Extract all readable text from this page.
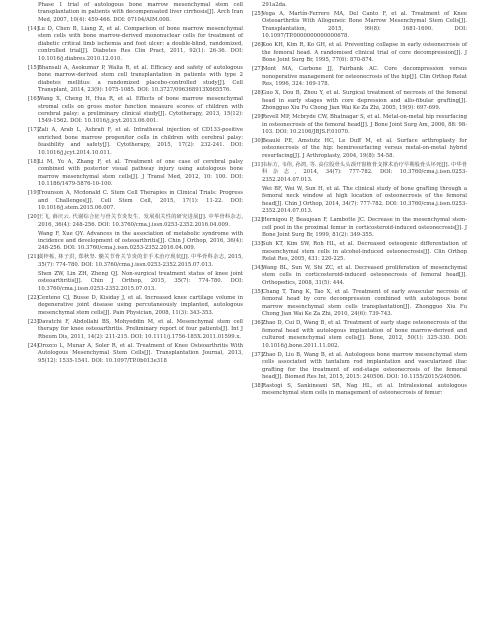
Phase 1 trial of autologous bone marrow mesenchymal stem cell transplantation in patients with decompensated liver cirrhosis[J]. Arch Iran Med, 2007, 10(4): 459-466. DOI: 07104/AIM.008.
[14] Lu D, Chen B, Liang Z, et al. Comparison of bone marrow mesenchymal stem cells with bone marrow-derived mononuclear cells for treatment of diabetic critical limb ischemia and foot ulcer: a double-blind, randomized, controlled trial[J]. Diabetes Res Clin Pract, 2011, 92(1): 26-36. DOI: 10.1016/j.diabres.2010.12.010.
[15] Bhansali A, Asokumar P, Walia R, et al. Efficacy and safety of autologous bone marrow-derived stem cell transplantation in patients with type 2 diabetes mellitus: a randomized placebo-controlled study[J]. Cell Transplant, 2014, 23(9): 1075-1085. DOI: 10.3727/096368913X665576.
[16] Wang X, Cheng H, Hua R, et al. Effects of bone marrow mesenchymal stromal cells on gross motor function measure scores of children with cerebral palsy: a preliminary clinical study[J]. Cytotherapy, 2013, 15(12): 1549-1562. DOI: 10.1016/j.jcyt.2013.06.001.
[17] Zali A, Arab L, Ashrafi F, et al. Intrathecal injection of CD133-positive enriched bone marrow progenitor cells in children with cerebral palsy: feasibility and safety[J]. Cytotherapy, 2015, 17(2): 232-241. DOI: 10.1016/j.jcyt.2014.10.011.
[18] Li M, Yu A, Zhang F, et al. Treatment of one case of cerebral palsy combined with posterior visual pathway injury using autologous bone marrow mesenchymal stem cells[J]. J Transl Med, 2012, 10: 100. DOI: 10.1186/1479-5876-10-100.
[19] Trounson A, Mcdonald C. Stem Cell Therapies in Clinical Trials: Progress and Challenges[J]. Cell Stem Cell, 2015, 17(1): 11-22. DOI: 10.1016/j.stem.2015.06.007.
[20] 王飞, 薛庆云. 代谢综合征与骨关节炎发生、发展相关性的研究进展[J]. 中华骨科杂志, 2016, 36(4): 248-256. DOI: 10.3760/cma.j.issn.0253-2352.2016.04.009.
Wang F, Xue QY. Advances in the association of metabolic syndrome with incidence and development of osteoarthritis[J]. Chin J Orthop, 2016, 36(4): 248-256. DOI: 10.3760/cma.j.issn.0253-2352.2016.04.009.
[21] 虞梓栋, 林子洪, 郑秋坚. 髓关节骨关节炎的非手术治疗现状[J]. 中华骨科杂志, 2015, 35(7): 774-780. DOI: 10.3760/cma.j.issn.0253-2352.2015.07.013.
Shen ZW, Lin ZH, Zheng QJ. Non-surgical treatment status of knee joint osteoarthritis[J]. Chin J Orthop, 2015, 35(7): 774-780. DOI: 10.3760/cma.j.issn.0253-2352.2015.07.013.
[22] Centeno CJ, Busse D, Kisiday J, et al. Increased knee cartilage volume in degenerative joint disease using percutaneously implanted, autologous mesenchymal stem cells[J]. Pain Physician, 2008, 11(3): 343-353.
[23] Davatchi F, Abdollahi BS, Mohyeddin M, et al. Mesenchymal stem cell therapy for knee osteoarthritis. Preliminary report of four patients[J]. Int J Rheum Dis, 2011, 14(2): 211-215. DOI: 10.1111/j.1756-185X.2011.01599.x.
[24] Orozco L, Munar A, Soler R, et al. Treatment of Knee Osteoarthritis With Autologous Mesenchymal Stem Cells[J]. Transplantation Journal, 2013, 95(12): 1535-1541. DOI: 10.1097/TP.0b013e318
291a2da.
[25] Vega A, Martín-Ferrero MA, Del Canto F, et al. Treatment of Knee Osteoarthritis With Allogeneic Bone Marrow Mesenchymal Stem Cells[J]. Transplantation, 2015, 99(8): 1681-1690. DOI: 10.1097/TP.0000000000000678.
[26] Koo KH, Kim R, Ko GH, et al. Preventing collapse in early osteonecrosis of the femoral head. A randomised clinical trial of core decompression[J]. J Bone Joint Surg Br, 1995, 77(6): 870-874.
[27] Mont MA, Carbone JJ, Fairbank AC. Core decompression versus nonoperative management for osteonecrosis of the hip[J]. Clin Orthop Relat Res, 1996, 324: 169-178.
[28] Guo X, Dou B, Zhou Y, et al. Surgical treatment of necrosis of the femoral head in early stages with core depression and allo-fibular grafting[J]. Zhongguo Xiu Fu Chong Jian Wai Ke Za Zhi, 2005, 19(9): 697-699.
[29] Revell MP, Mcbryde CW, Bhatnagar S, et al. Metal-on-metal hip resurfacing in osteonecrosis of the femoral head[J]. J Bone Joint Surg Am, 2006, 88: 98-103. DOI: 10.2106/JBJS.F.01070.
[30] Beaulé PE, Amstutz HC, Le Duff M, et al. Surface arthroplasty for osteonecrosis of the hip: hemiresurfacing versus metal-on-metal hybrid resurfacing[J]. J Arthroplasty, 2004, 19(8): 54-58.
[31] 韦标方, 韦伟, 孙鸿, 等. 高位股骨头头颈开窗植骨支撑术治疗早期股骨头坏死[J]. 中华骨科杂志, 2014, 34(7): 777-782. DOI: 10.3760/cma.j.issn.0253-2352.2014.07.013.
Wei BF, Wei W, Sun H, et al. The clinical study of bone grafting through a femoral neck window at high location of osteonecrosis of the femoral head[J]. Chin J Orthop, 2014, 34(7): 777-782. DOI: 10.3760/cma.j.issn.0253-2352.2014.07.013.
[32] Hernigou P, Beaujean F, Lambotte JC. Decrease in the mesenchymal stem-cell pool in the proximal femur in corticosteroid-induced osteonecrosis[J]. J Bone Joint Surg Br, 1999, 81(2): 349-355.
[33] Suh KT, Kim SW, Roh HL, et al. Decreased osteogenic differentiation of mesenchymal stem cells in alcohol-induced osteonecrosis[J]. Clin Orthop Relat Res, 2005, 431: 220-225.
[34] Wang BL, Sun W, Shi ZC, et al. Decreased proliferation of mesenchymal stem cells in corticosteroid-induced osteonecrosis of femoral head[J]. Orthopedics, 2008, 31(5): 444.
[35] Chang T, Tang K, Tao X, et al. Treatment of early avascular necrosis of femoral head by core decompression combined with autologous bone marrow mesenchymal stem cells transplantation[J]. Zhongguo Xiu Fu Chong Jian Wai Ke Za Zhi, 2010, 24(6): 739-743.
[36] Zhao D, Cui D, Wang B, et al. Treatment of early stage osteonecrosis of the femoral head with autologous implantation of bone marrow-derived and cultured mesenchymal stem cells[J]. Bone, 2012, 50(1): 325-330. DOI: 10.1016/j.bone.2011.11.002.
[37] Zhao D, Liu B, Wang B, et al. Autologous bone marrow mesenchymal stem cells associated with tantalum rod implantation and vascularized iliac grafting for the treatment of end-stage osteonecrosis of the femoral head[J]. Biomed Res Int, 2015, 2015: 240506. DOI: 10.1155/2015/240506.
[38] Rastogi S, Sankineani SR, Nag HL, et al. Intralesional autologous mesenchymal stem cells in management of osteonecrosis of femur:
